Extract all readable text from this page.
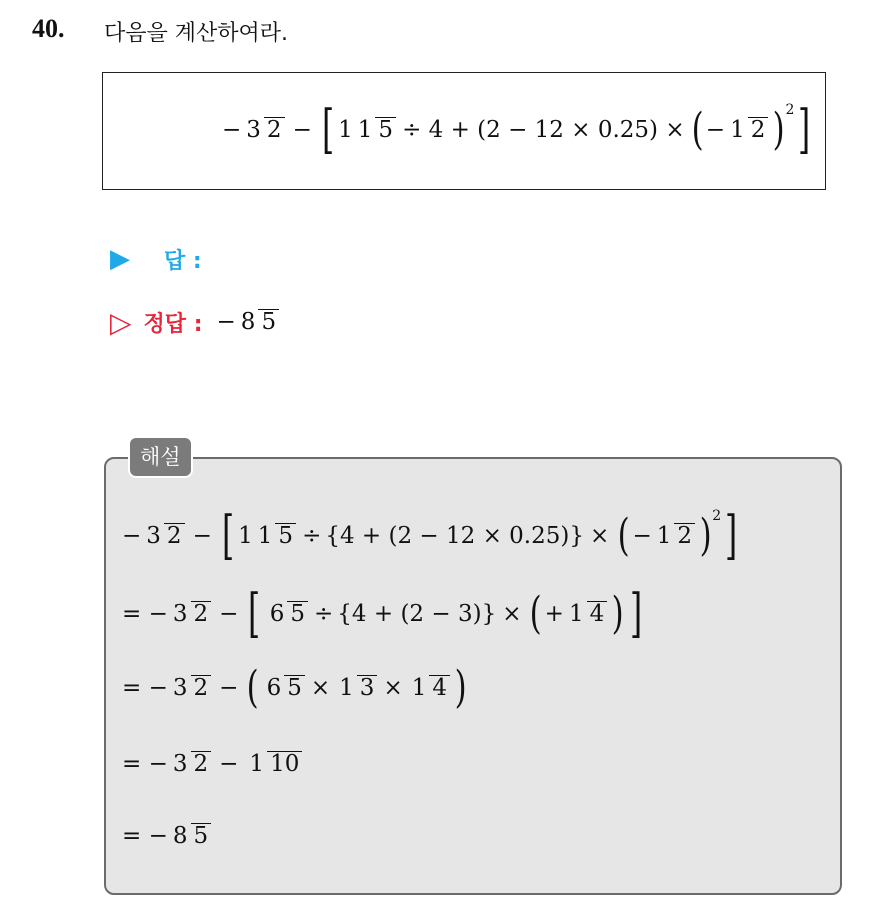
40. 다음을 계산하여라.
− 3 2 − [ 1 1 5 ÷ 4 + (2 − 12 × 0.25) × ( − 1 2 ) 2 ]
▶ 답 :
▷ 정답 : − 8 5
해설
− 3 2 − [ 1 1 5 ÷ { 4 + (2 − 12 × 0.25) } × ( − 1 2 ) 2 ]
= − 3 2 − [ 6 5 ÷ { 4 + (2 − 3) } × ( + 1 4 ) ]
= − 3 2 − ( 6 5 × 1 3 × 1 4 )
= − 3 2 − 1 10
= − 8 5
